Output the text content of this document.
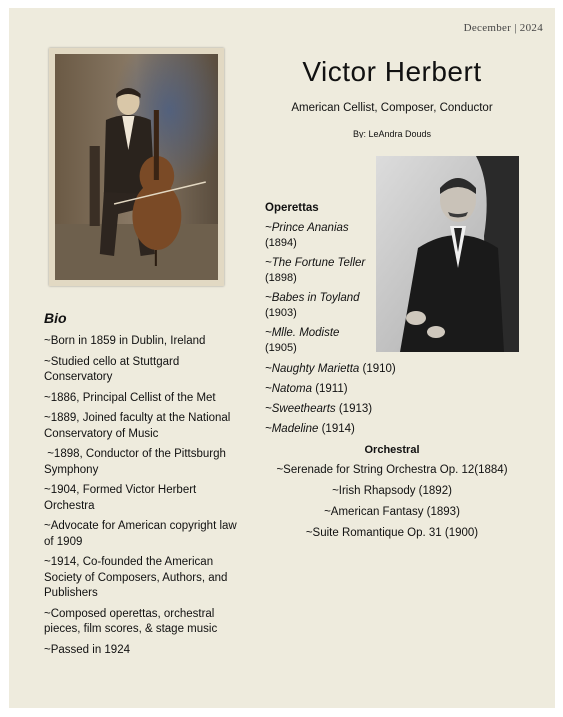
December | 2024
Victor Herbert
American Cellist, Composer, Conductor
By: LeAndra Douds
Bio
~Born in 1859 in Dublin, Ireland
~Studied cello at Stuttgard Conservatory
~1886, Principal Cellist of the Met
~1889, Joined faculty at the National Conservatory of Music
~1898, Conductor of the Pittsburgh Symphony
~1904, Formed Victor Herbert Orchestra
~Advocate for American copyright law of 1909
~1914, Co-founded the American Society of Composers, Authors, and Publishers
~Composed operettas, orchestral pieces, film scores, & stage music
~Passed in 1924
Operettas
~Prince Ananias
(1894)
~The Fortune Teller (1898)
~Babes in Toyland
(1903)
~Mlle. Modiste
(1905)
~Naughty Marietta (1910)
~Natoma (1911)
~Sweethearts (1913)
~Madeline (1914)
Orchestral
~Serenade for String Orchestra Op. 12(1884)
~Irish Rhapsody (1892)
~American Fantasy (1893)
~Suite Romantique Op. 31 (1900)
